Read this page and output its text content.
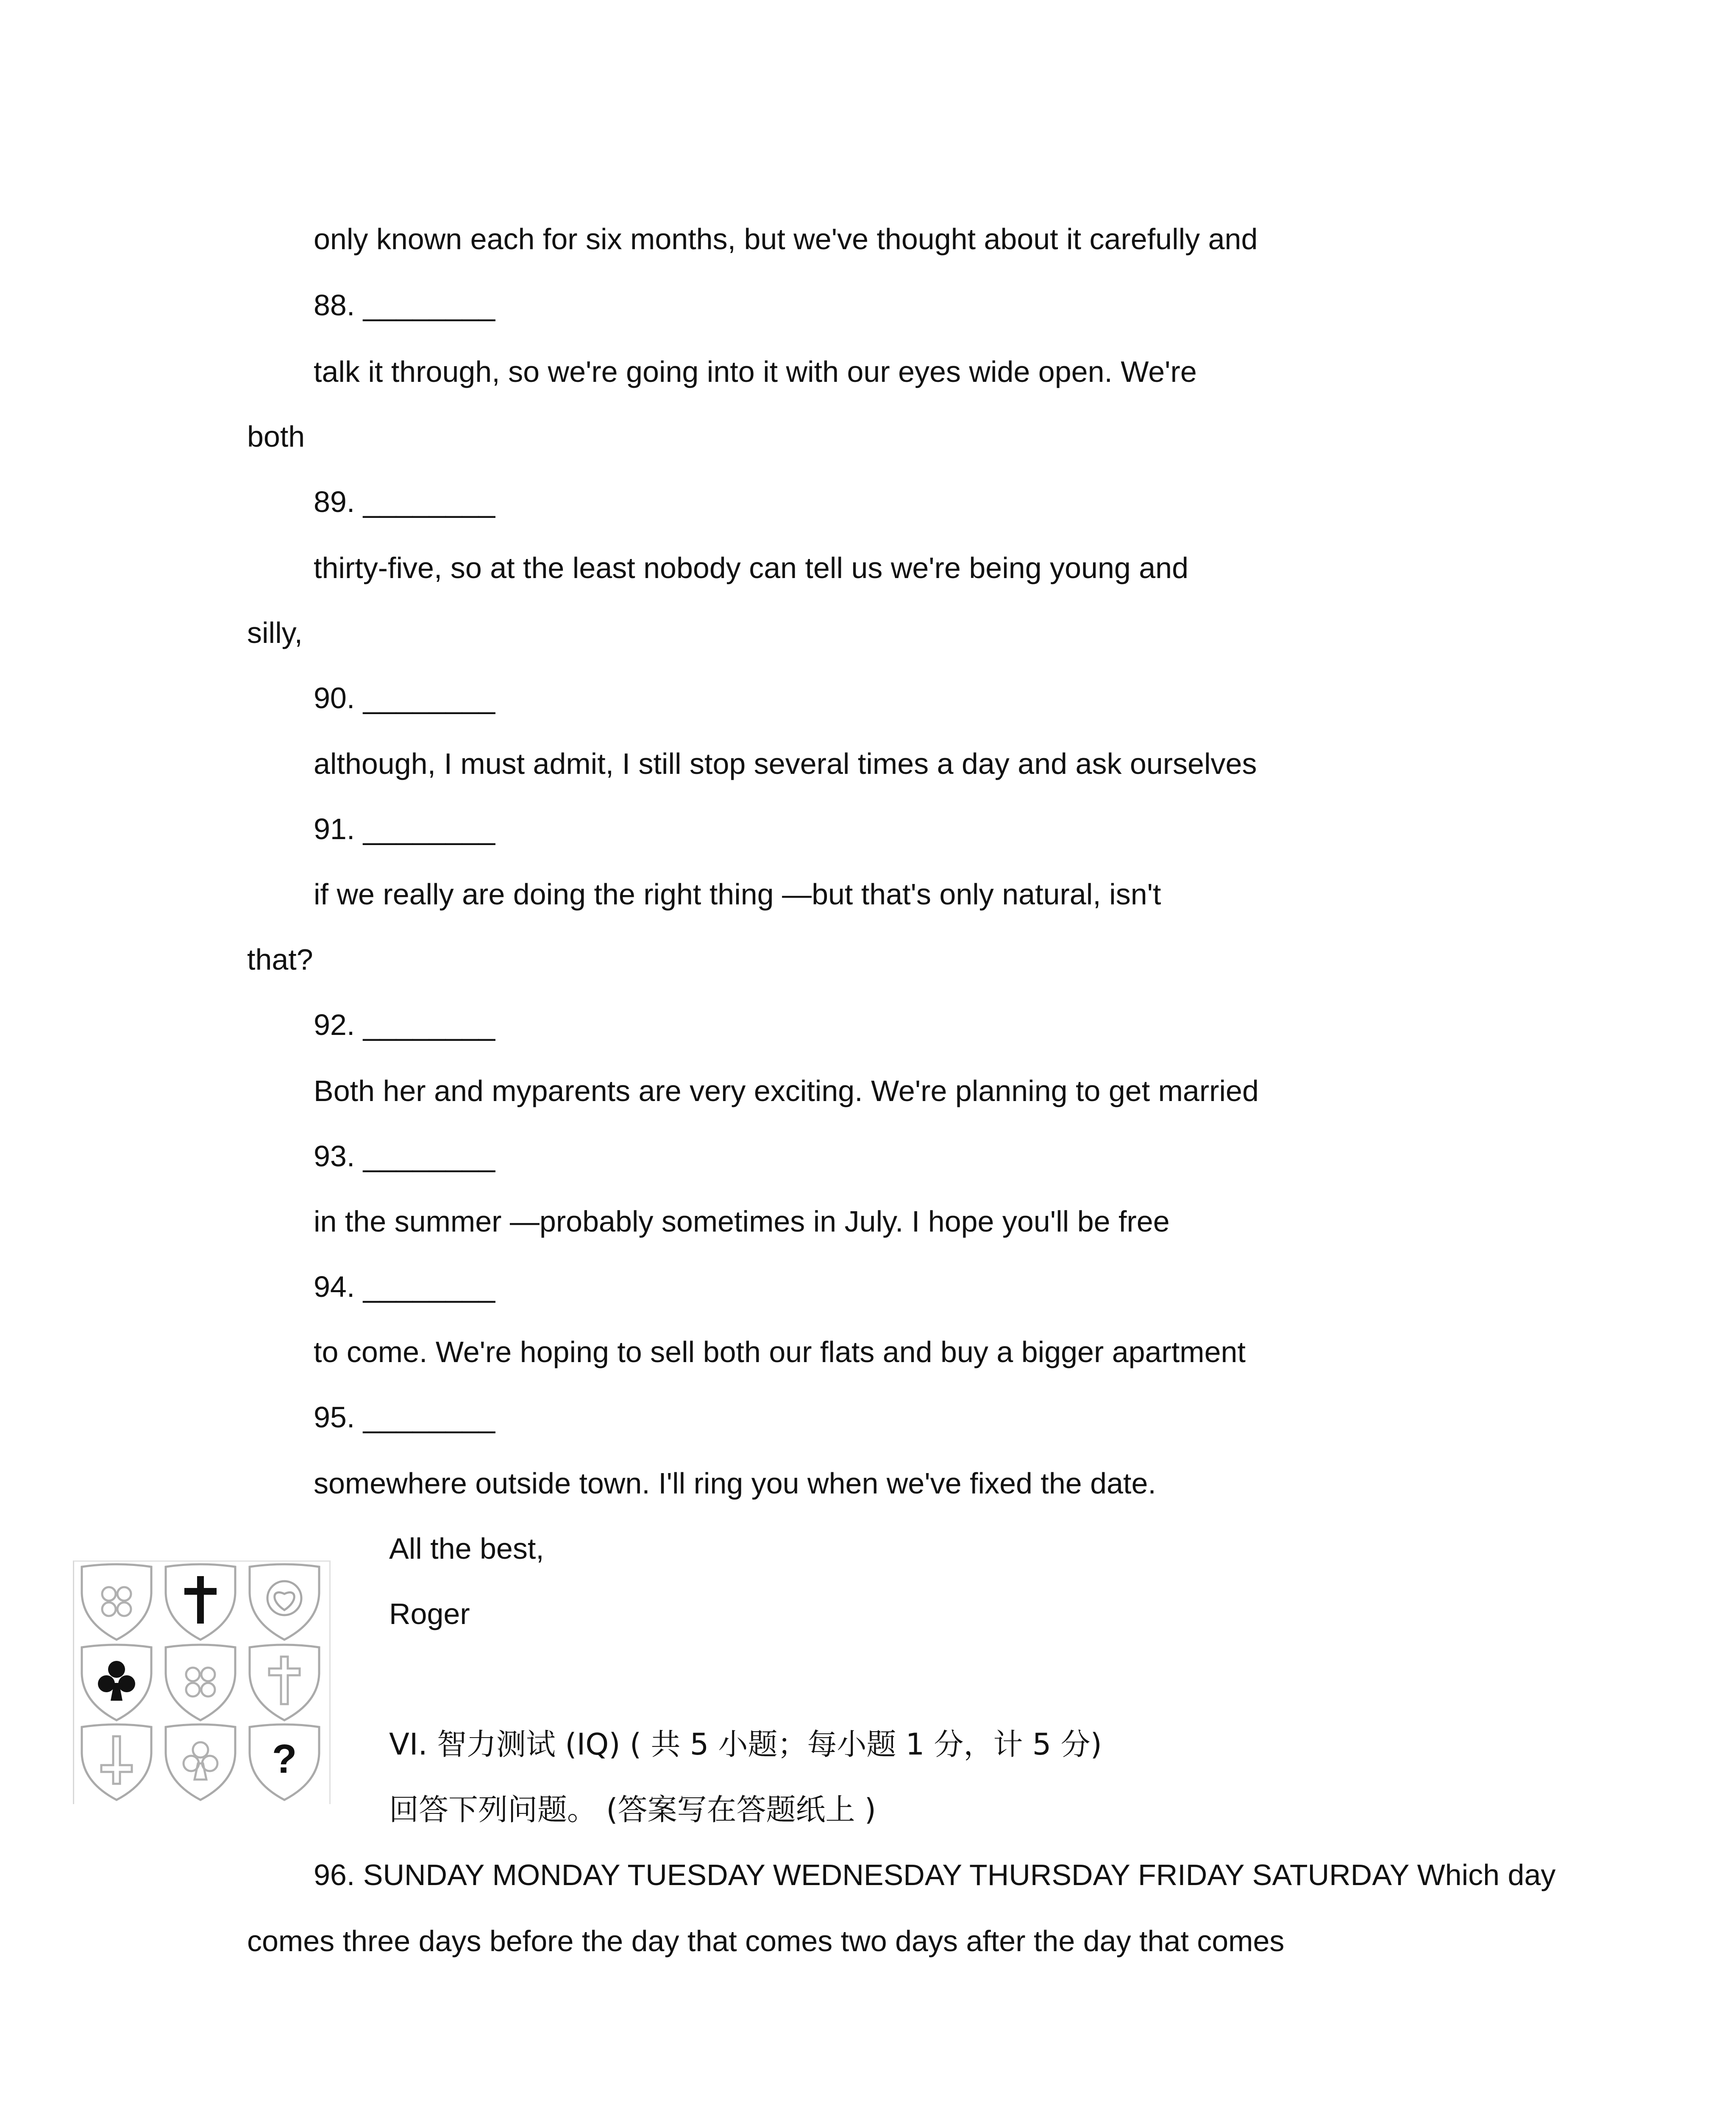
only known each for six months, but we've thought about it carefully and
88. ________
talk it through, so we're going into it with our eyes wide open. We're
both
89. ________
thirty-five, so at the least nobody can tell us we're being young and
silly,
90. ________
although, I must admit, I still stop several times a day and ask ourselves
91. ________
if we really are doing the right thing —but that's only natural, isn't
that?
92. ________
Both her and myparents are very exciting. We're planning to get married
93. ________
in the summer —probably sometimes in July. I hope you'll be free
94. ________
to come. We're hoping to sell both our flats and buy a bigger apartment
95. ________
somewhere outside town. I'll ring you when we've fixed the date.
All the best,
Roger
VI. 智力测试 (IQ) ( 共 5 小题；每小题 1 分，计 5 分)
回答下列问题。 (答案写在答题纸上 )
96. SUNDAY MONDAY TUESDAY WEDNESDAY THURSDAY FRIDAY SATURDAY Which day
comes three days before the day that comes two days after the day that comes
?
